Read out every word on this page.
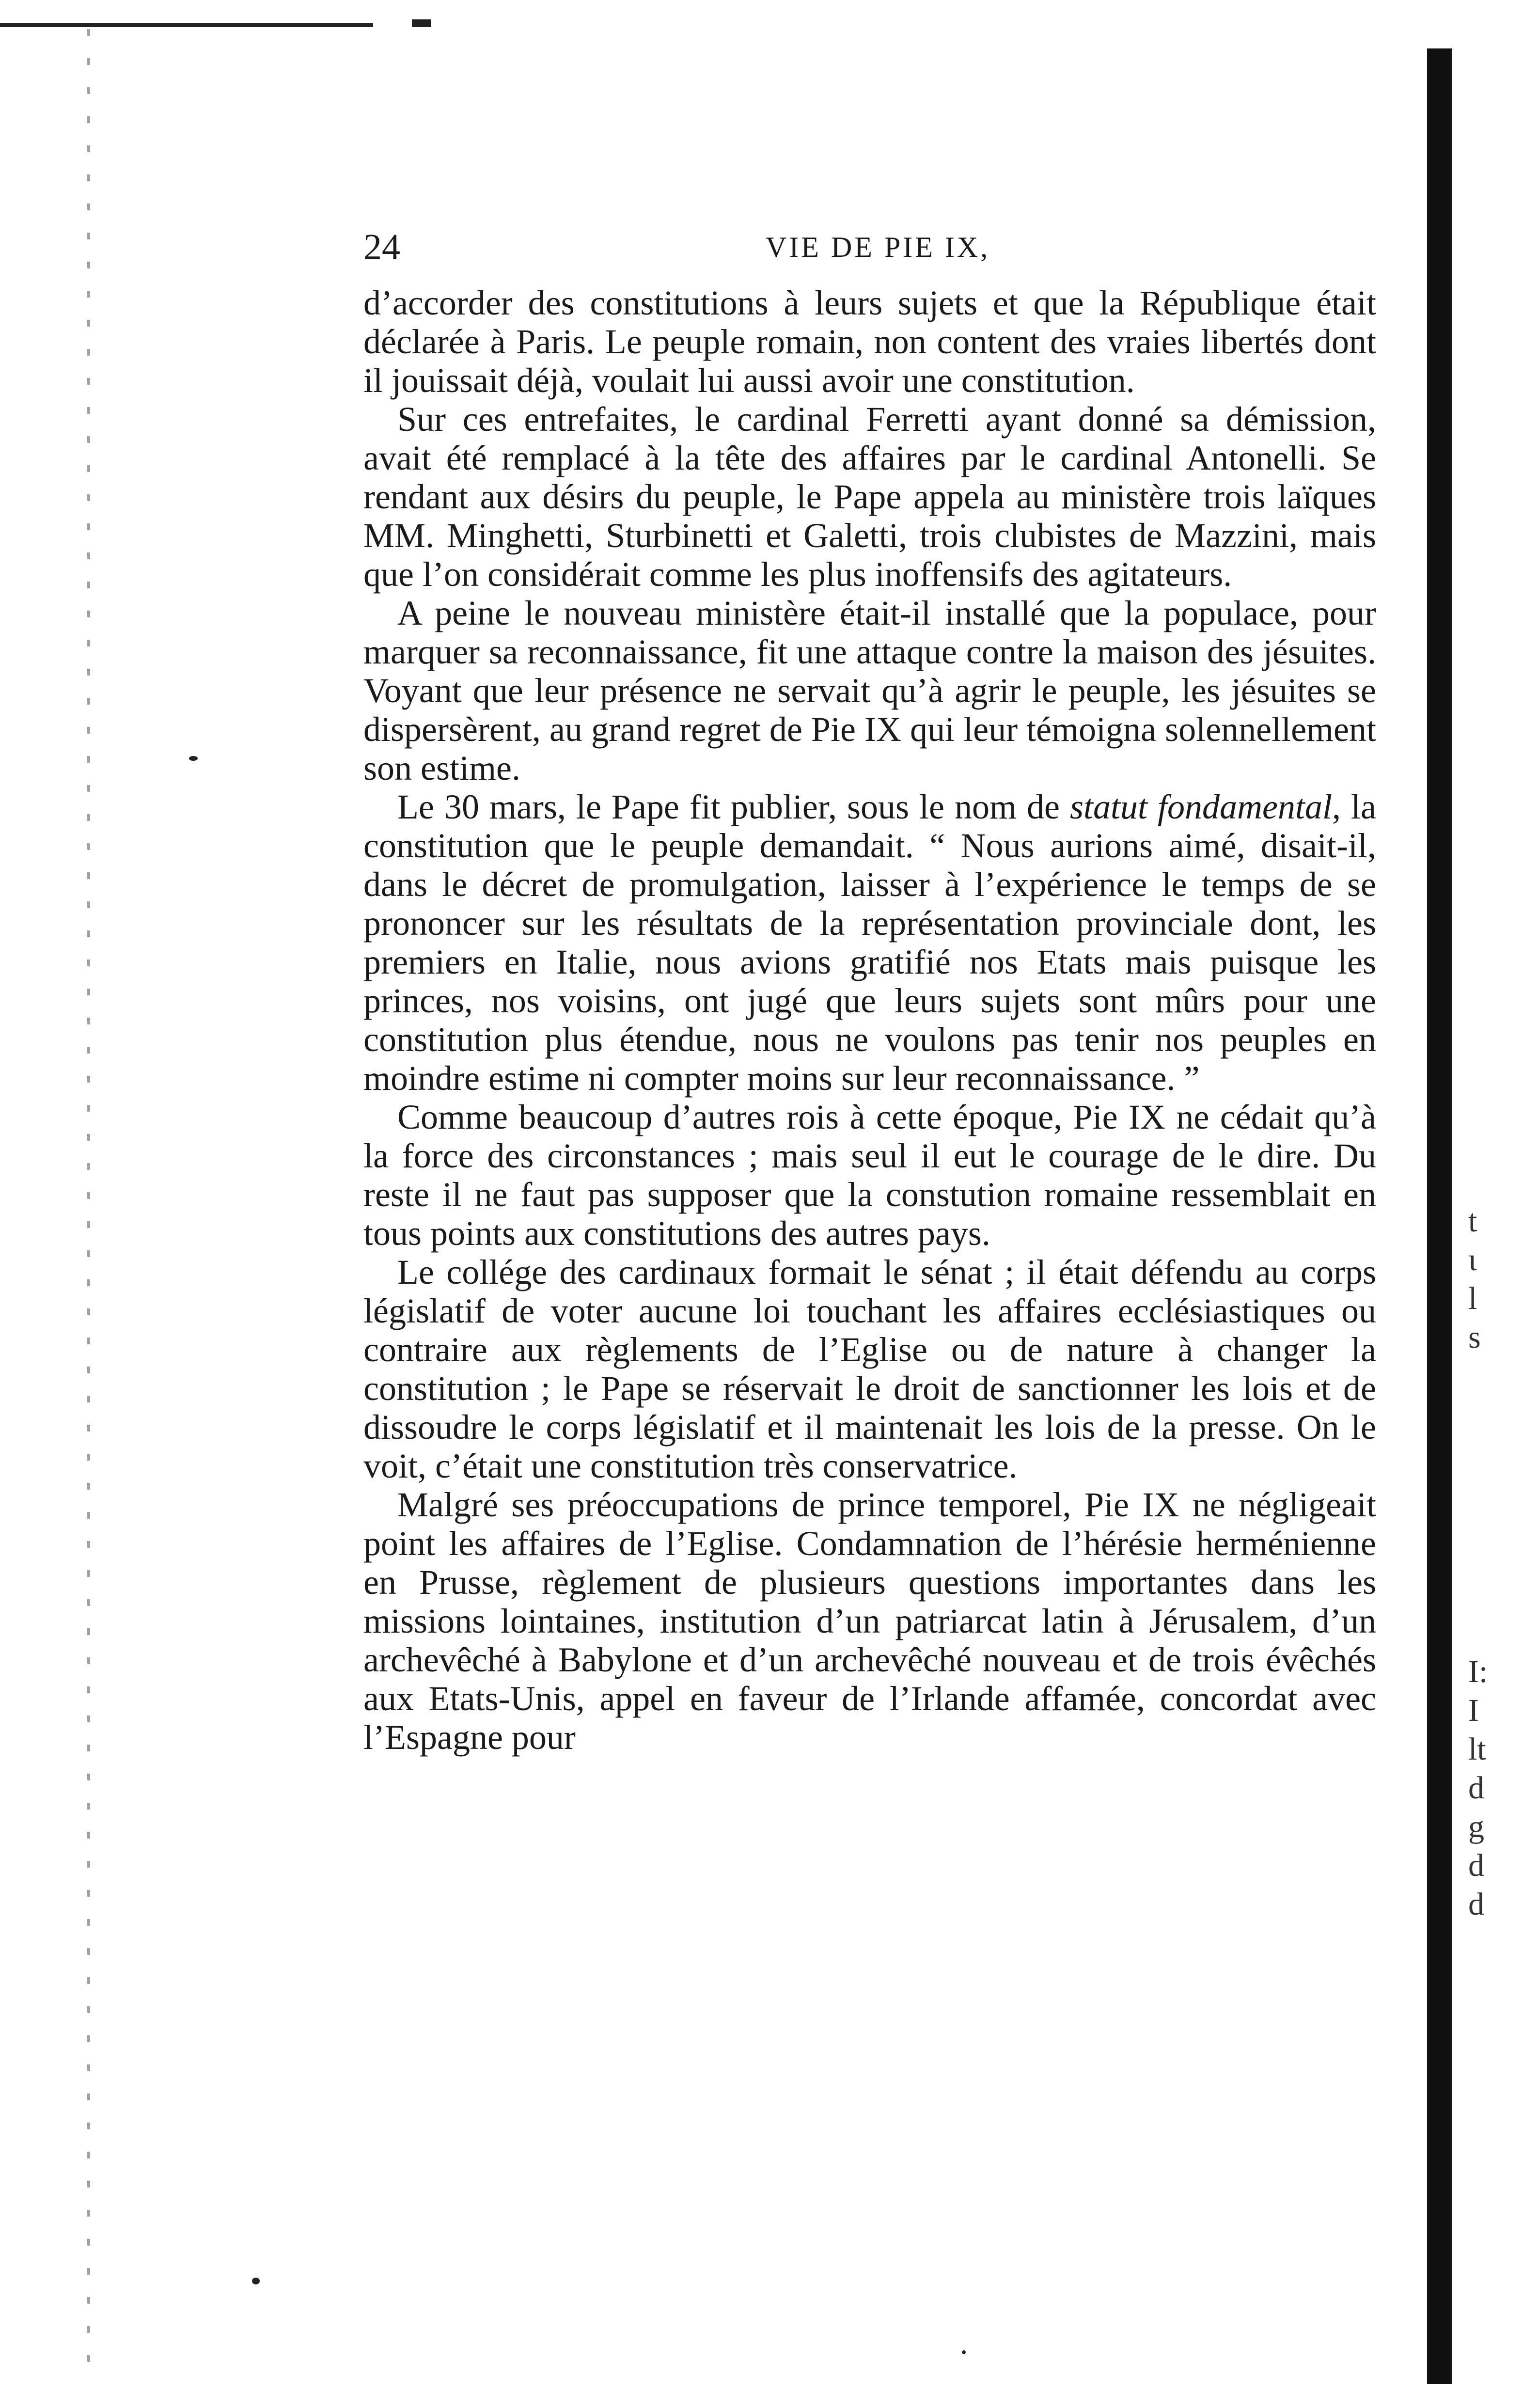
24	VIE DE PIE IX,

d’accorder des constitutions à leurs sujets et que la République était déclarée à Paris. Le peuple romain, non content des vraies libertés dont il jouissait déjà, voulait lui aussi avoir une constitution.

Sur ces entrefaites, le cardinal Ferretti ayant donné sa démission, avait été remplacé à la tête des affaires par le cardinal Antonelli. Se rendant aux désirs du peuple, le Pape appela au ministère trois laïques MM. Minghetti, Sturbinetti et Galetti, trois clubistes de Mazzini, mais que l’on considérait comme les plus inoffensifs des agitateurs.

A peine le nouveau ministère était-il installé que la populace, pour marquer sa reconnaissance, fit une attaque contre la maison des jésuites. Voyant que leur présence ne servait qu’à agrir le peuple, les jésuites se dispersèrent, au grand regret de Pie IX qui leur témoigna solennellement son estime.

Le 30 mars, le Pape fit publier, sous le nom de statut fondamental, la constitution que le peuple demandait. “ Nous aurions aimé, disait-il, dans le décret de promulgation, laisser à l’expérience le temps de se prononcer sur les résultats de la représentation provinciale dont, les premiers en Italie, nous avions gratifié nos Etats mais puisque les princes, nos voisins, ont jugé que leurs sujets sont mûrs pour une constitution plus étendue, nous ne voulons pas tenir nos peuples en moindre estime ni compter moins sur leur reconnaissance. ”

Comme beaucoup d’autres rois à cette époque, Pie IX ne cédait qu’à la force des circonstances ; mais seul il eut le courage de le dire. Du reste il ne faut pas supposer que la constution romaine ressemblait en tous points aux constitutions des autres pays.

Le collége des cardinaux formait le sénat ; il était défendu au corps législatif de voter aucune loi touchant les affaires ecclésiastiques ou contraire aux règlements de l’Eglise ou de nature à changer la constitution ; le Pape se réservait le droit de sanctionner les lois et de dissoudre le corps législatif et il maintenait les lois de la presse. On le voit, c’était une constitution très conservatrice.

Malgré ses préoccupations de prince temporel, Pie IX ne négligeait point les affaires de l’Eglise. Condamnation de l’hérésie herménienne en Prusse, règlement de plusieurs questions importantes dans les missions lointaines, institution d’un patriarcat latin à Jérusalem, d’un archevêché à Babylone et d’un archevêché nouveau et de trois évêchés aux Etats-Unis, appel en faveur de l’Irlande affamée, concordat avec l’Espagne pour

t
ι
l
s
I:
I
lt
d
g
d
d
